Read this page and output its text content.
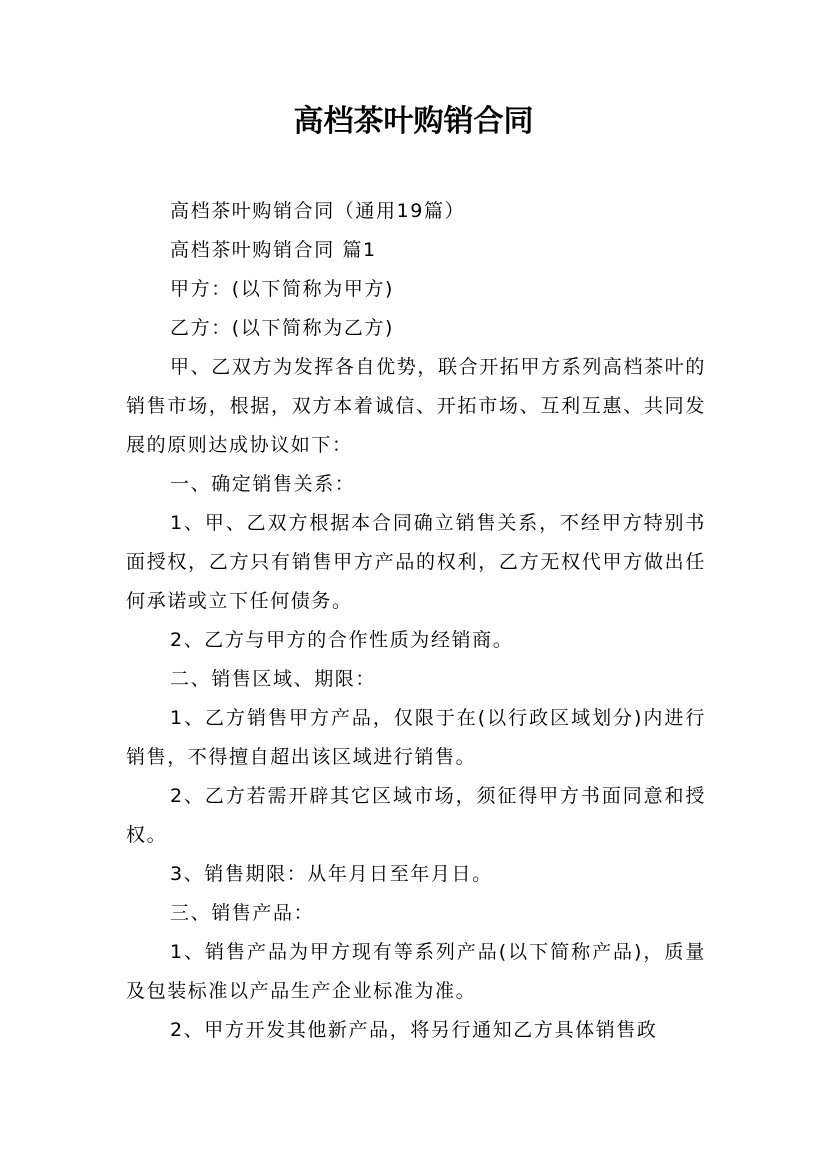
高档茶叶购销合同

高档茶叶购销合同（通用19篇）

高档茶叶购销合同 篇1

甲方：(以下简称为甲方)

乙方：(以下简称为乙方)

甲、乙双方为发挥各自优势，联合开拓甲方系列高档茶叶的销售市场，根据，双方本着诚信、开拓市场、互利互惠、共同发展的原则达成协议如下：

一、确定销售关系：

1、甲、乙双方根据本合同确立销售关系，不经甲方特别书面授权，乙方只有销售甲方产品的权利，乙方无权代甲方做出任何承诺或立下任何债务。

2、乙方与甲方的合作性质为经销商。

二、销售区域、期限：

1、乙方销售甲方产品，仅限于在(以行政区域划分)内进行销售，不得擅自超出该区域进行销售。

2、乙方若需开辟其它区域市场，须征得甲方书面同意和授权。

3、销售期限：从年月日至年月日。

三、销售产品：

1、销售产品为甲方现有等系列产品(以下简称产品)，质量及包装标准以产品生产企业标准为准。

2、甲方开发其他新产品，将另行通知乙方具体销售政
